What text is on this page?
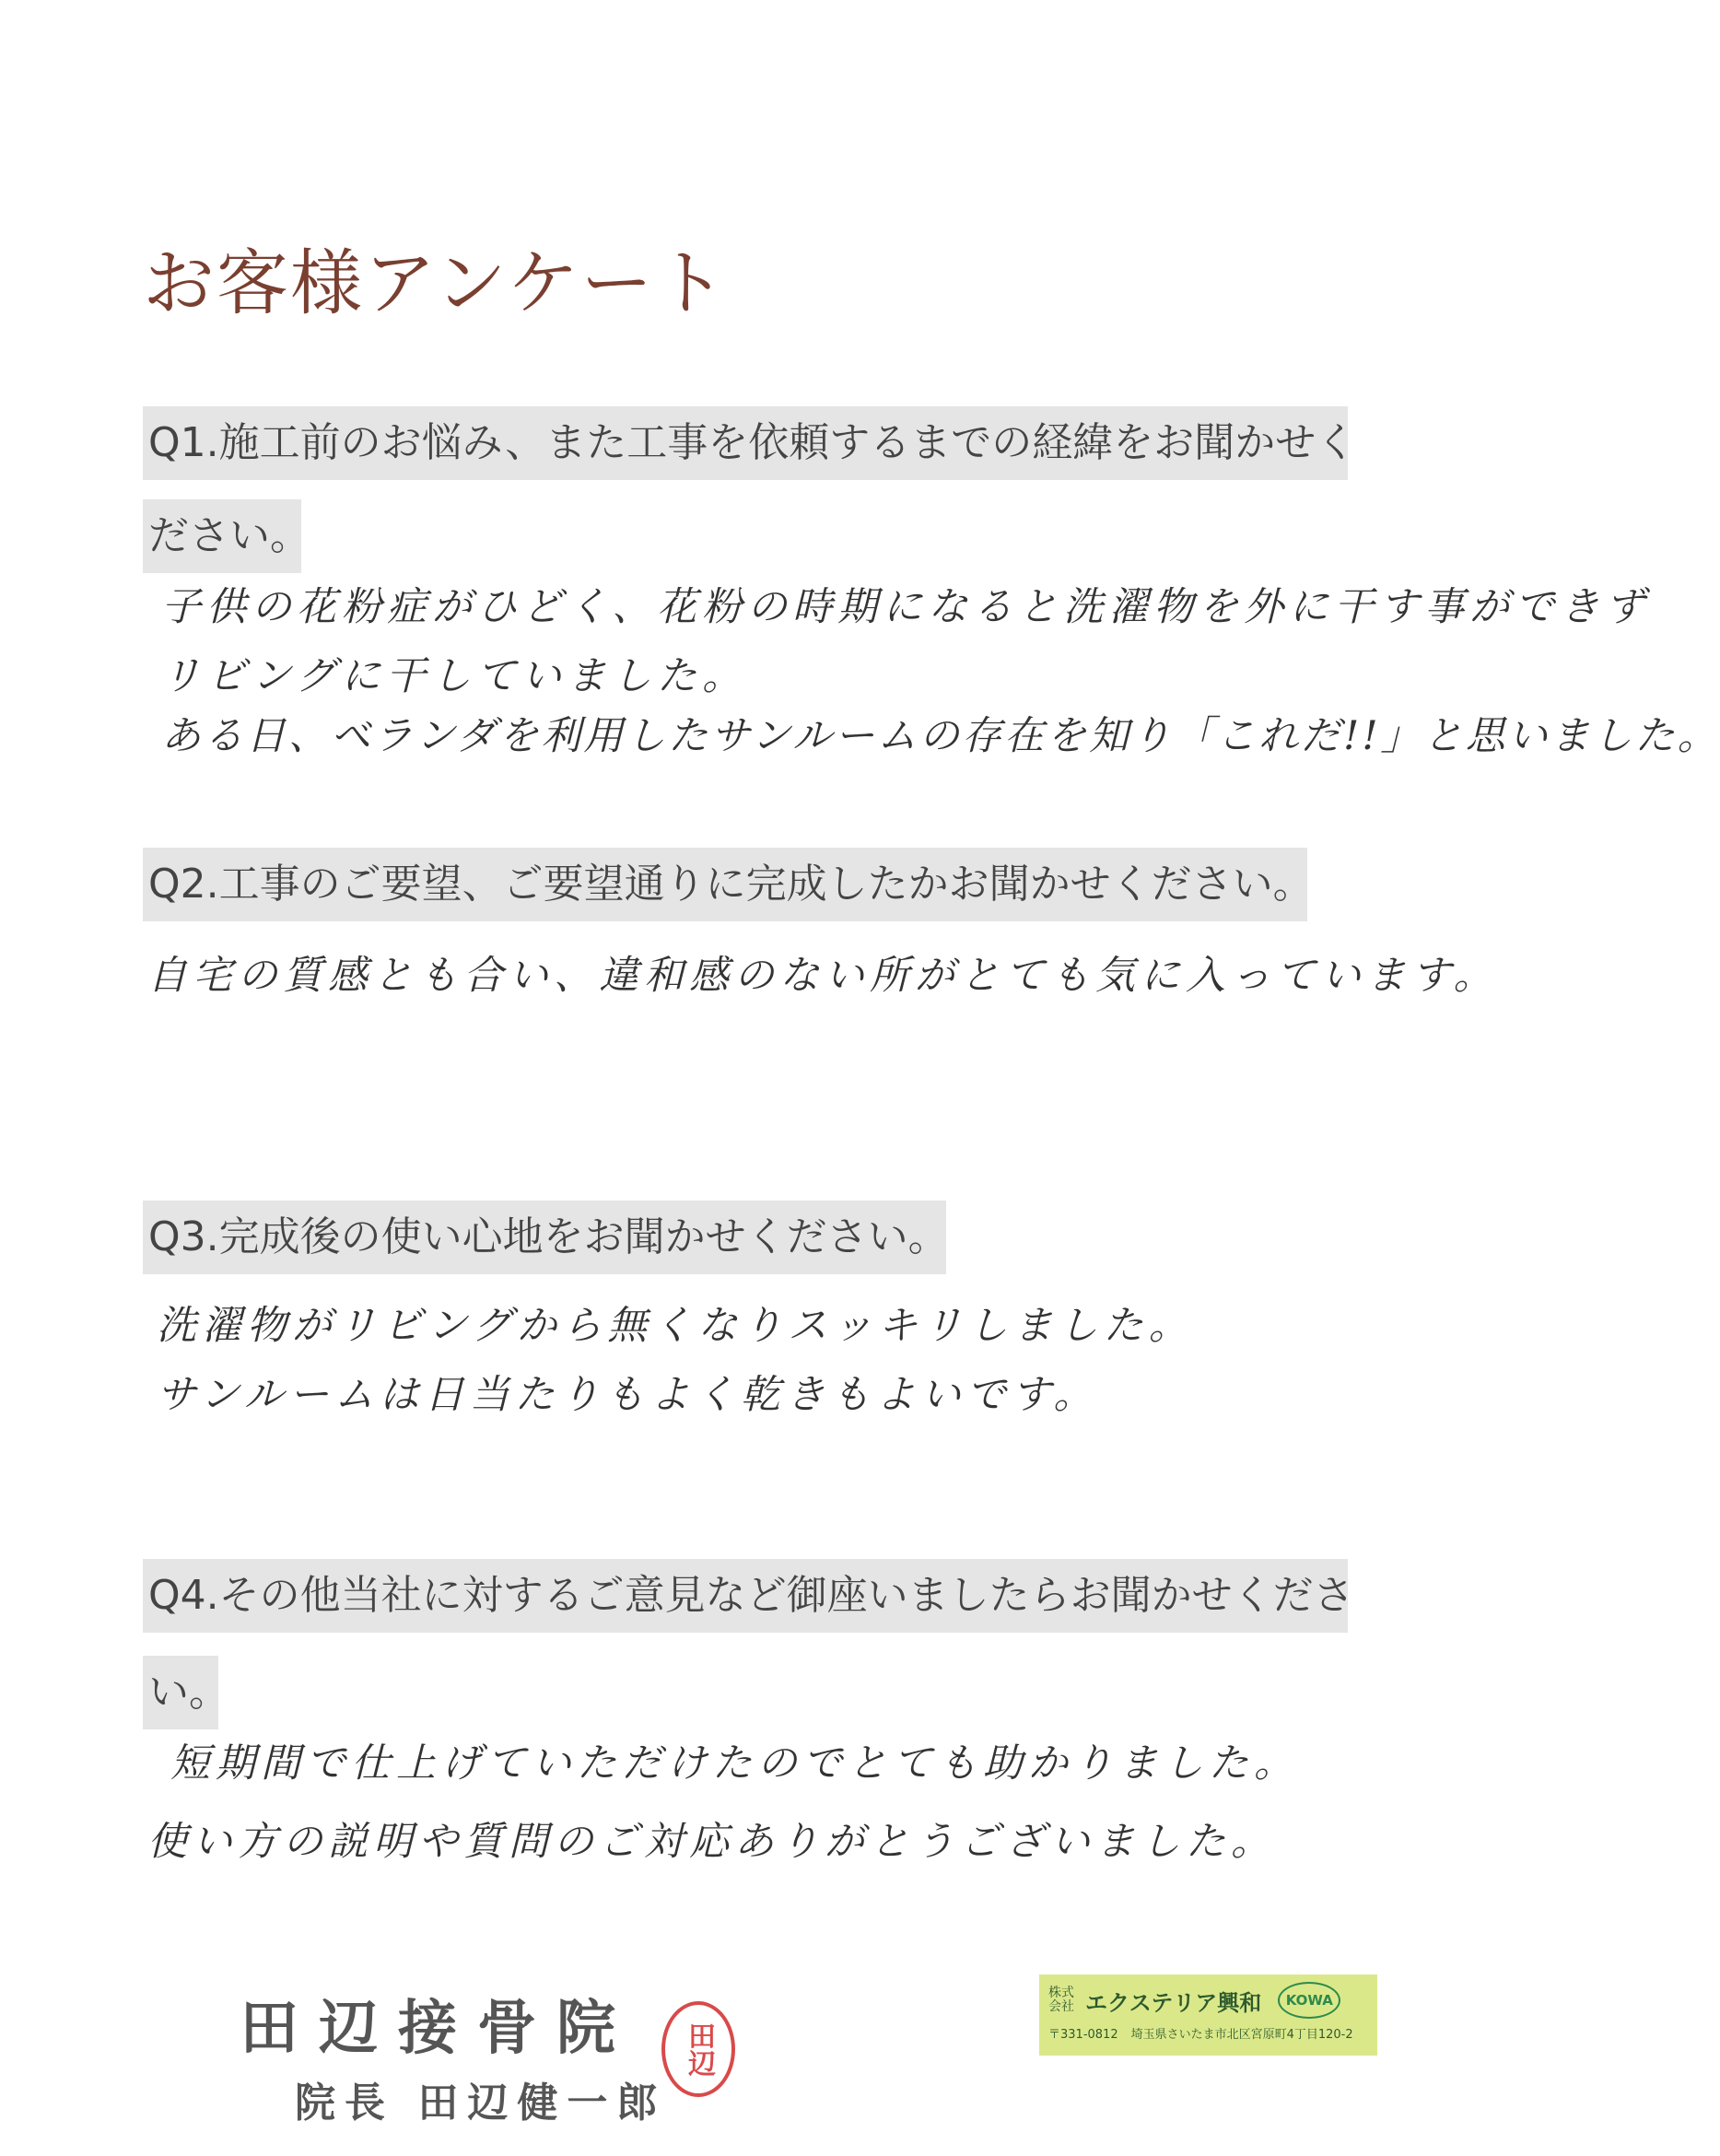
お客様アンケート
Q1.施工前のお悩み、また工事を依頼するまでの経緯をお聞かせく
ださい。
子供の花粉症がひどく、花粉の時期になると洗濯物を外に干す事ができず
リビングに干していました。
ある日、ベランダを利用したサンルームの存在を知り「これだ!!」と思いました。
Q2.工事のご要望、ご要望通りに完成したかお聞かせください。
自宅の質感とも合い、違和感のない所がとても気に入っています。
Q3.完成後の使い心地をお聞かせください。
洗濯物がリビングから無くなりスッキリしました。
サンルームは日当たりもよく乾きもよいです。
Q4.その他当社に対するご意見など御座いましたらお聞かせくださ
い。
短期間で仕上げていただけたのでとても助かりました。
使い方の説明や質問のご対応ありがとうございました。
田辺接骨院
院長 田辺健一郎
田辺
株式会社 エクステリア興和	KOWA
〒331-0812 埼玉県さいたま市北区宮原町4丁目120-2
